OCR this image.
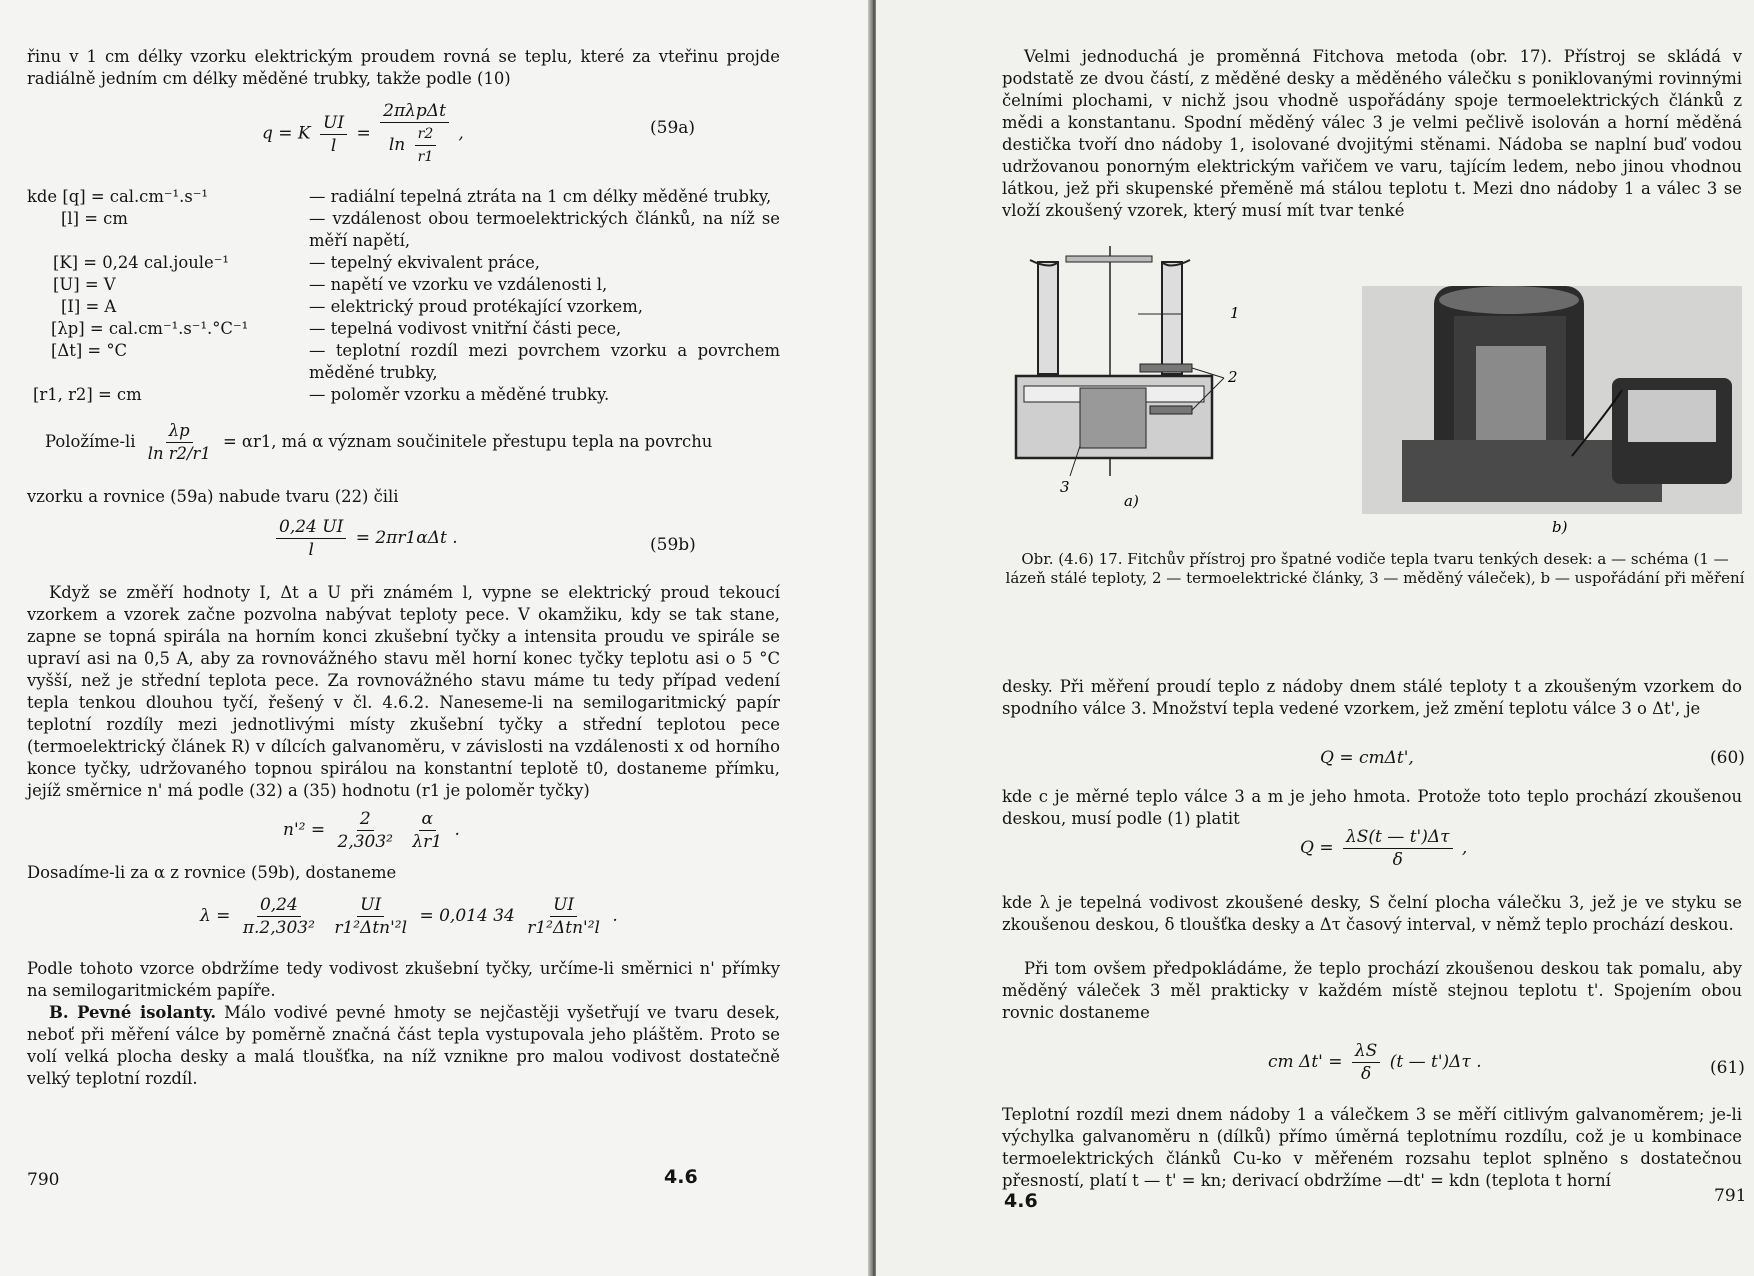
řinu v 1 cm délky vzorku elektrickým proudem rovná se teplu, které za vteřinu projde radiálně jedním cm délky měděné trubky, takže podle (10)

q = K $\frac{UI}{l} = \frac{\text{2πλpΔt}}{\ln \frac{r2}{r1}}$ ,	(59a)
kde [q] = cal.cm⁻¹.s⁻¹	— radiální tepelná ztráta na 1 cm délky měděné trubky,
[l] = cm	— vzdálenost obou termoelektrických článků, na níž se měří napětí,
[K] = 0,24 cal.joule⁻¹	— tepelný ekvivalent práce,
[U] = V	— napětí ve vzorku ve vzdálenosti l,
[I] = A	— elektrický proud protékající vzorkem,
[λp] = cal.cm⁻¹.s⁻¹.°C⁻¹	— tepelná vodivost vnitřní části pece,
[Δt] = °C	— teplotní rozdíl mezi povrchem vzorku a povrchem měděné trubky,
[r1, r2] = cm	— poloměr vzorku a měděné trubky.
Položíme-li $\frac{\lambda p}{\text{ln r2/r1}} = \alpha r1$, má α význam součinitele přestupu tepla na povrchu

vzorku a rovnice (59a) nabude tvaru (22) čili

$\frac{0,24 UI}{l} = 2\pi r1\alpha\Delta t$ .	(59b)

Když se změří hodnoty I, Δt a U při známém l, vypne se elektrický proud tekoucí vzorkem a vzorek začne pozvolna nabývat teploty pece. V okamžiku, kdy se tak stane, zapne se topná spirála na horním konci zkušební tyčky a intensita proudu ve spirále se upraví asi na 0,5 A, aby za rovnovážného stavu měl horní konec tyčky teplotu asi o 5 °C vyšší, než je střední teplota pece. Za rovnovážného stavu máme tu tedy případ vedení tepla tenkou dlouhou tyčí, řešený v čl. 4.6.2. Naneseme-li na semilogaritmický papír teplotní rozdíly mezi jednotlivými místy zkušební tyčky a střední teplotou pece (termoelektrický článek R) v dílcích galvanoměru, v závislosti na vzdálenosti x od horního konce tyčky, udržovaného topnou spirálou na konstantní teplotě t0, dostaneme přímku, jejíž směrnice n' má podle (32) a (35) hodnotu (r1 je poloměr tyčky)

$n'^2 = \frac{2}{\text{2,303²}}$
$\frac{\alpha}{\lambda r1}$ .

Dosadíme-li za α z rovnice (59b), dostaneme

$\lambda = \frac{0,24}{\text{π.2,303²}}$
$\frac{UI}{\text{r1²Δtn'²l}} = 0,014$ $34 \frac{UI}{\text{r1²Δtn'²l}}$ .

Podle tohoto vzorce obdržíme tedy vodivost zkušební tyčky, určíme-li směrnici n' přímky na semilogaritmickém papíře.

B. Pevné isolanty. Málo vodivé pevné hmoty se nejčastěji vyšetřují ve tvaru desek, neboť při měření válce by poměrně značná část tepla vystupovala jeho pláštěm. Proto se volí velká plocha desky a malá tloušťka, na níž vznikne pro malou vodivost dostatečně velký teplotní rozdíl.

790	4.6

Velmi jednoduchá je proměnná Fitchova metoda (obr. 17). Přístroj se skládá v podstatě ze dvou částí, z měděné desky a měděného válečku s poniklovanými rovinnými čelními plochami, v nichž jsou vhodně uspořádány spoje termoelektrických článků z mědi a konstantanu. Spodní měděný válec 3 je velmi pečlivě isolován a horní měděná destička tvoří dno nádoby 1, isolované dvojitými stěnami. Nádoba se naplní buď vodou udržovanou ponorným elektrickým vařičem ve varu, tajícím ledem, nebo jinou vhodnou látkou, jež při skupenské přeměně má stálou teplotu t. Mezi dno nádoby 1 a válec 3 se vloží zkoušený vzorek, který musí mít tvar tenké

1
2
3
a)
b)
Obr. (4.6) 17. Fitchův přístroj pro špatné vodiče tepla tvaru tenkých desek: a — schéma (1 — lázeň stálé teploty, 2 — termoelektrické články, 3 — měděný váleček), b — uspořádání při měření

desky. Při měření proudí teplo z nádoby dnem stálé teploty t a zkoušeným vzorkem do spodního válce 3. Množství tepla vedené vzorkem, jež změní teplotu válce 3 o Δt', je

Q = cmΔt',	(60)

kde c je měrné teplo válce 3 a m je jeho hmota. Protože toto teplo prochází zkoušenou deskou, musí podle (1) platit

$Q = \frac{\lambda S(t — t')\Delta\tau}{\delta}$ ,

kde λ je tepelná vodivost zkoušené desky, S čelní plocha válečku 3, jež je ve styku se zkoušenou deskou, δ tloušťka desky a Δτ časový interval, v němž teplo prochází deskou.

Při tom ovšem předpokládáme, že teplo prochází zkoušenou deskou tak pomalu, aby měděný váleček 3 měl prakticky v každém místě stejnou teplotu t'. Spojením obou rovnic dostaneme

cm $\Delta t' = \frac{\lambda S}{\delta} (t$ — t')Δτ .	(61)

Teplotní rozdíl mezi dnem nádoby 1 a válečkem 3 se měří citlivým galvanoměrem; je-li výchylka galvanoměru n (dílků) přímo úměrná teplotnímu rozdílu, což je u kombinace termoelektrických článků Cu-ko v měřeném rozsahu teplot splněno s dostatečnou přesností, platí t — t' = kn; derivací obdržíme —dt' = kdn (teplota t horní

4.6	791
